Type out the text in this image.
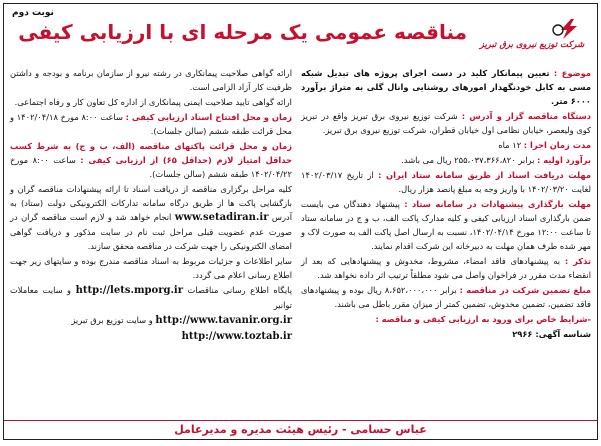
شرکت توزیع نیروی برق تبریز
نوبت دوم
مناقصه عمومی یک مرحله ای با ارزیابی کیفی

موضوع : تعیین پیمانکار کلید در دست اجرای پروژه های تبدیل شبکه مسی به کابل خودنگهدار امورهای روشنایی وانال گلی به متراژ برآورد ۶۰۰۰ متر.

دستگاه مناقصه گزار و آدرس : شرکت توزیع نیروی برق تبریز واقع در تبریز کوی ولیعصر، خیابان نظامی اول خیابان قطران، شرکت توزیع نیروی برق تبریز.

مدت زمان اجرا : ۱۲ ماه

برآورد اولیه : برابر ۲۵۵،۰۳۷،۳۶۶،۸۲۰ ریال می باشد.

مهلت دریافت اسناد از طریق سامانه ستاد ایران : از تاریخ ۱۴۰۲/۰۳/۱۷ لغایت ۱۴۰۲/۰۳/۲۰ با واریز وجه به مبلغ پانصد هزار ریال.

مهلت بارگذاری پیشنهادات در سامانه ستاد : پیشنهاد دهندگان می بایست ضمن بارگذاری اسناد ارزیابی کیفی و کلیه مدارک پاکت الف، ب و ج در سامانه ستاد تا ساعت ۱۲:۰۰ مورخ ۱۴۰۲/۰۴/۱۴، نسبت به ارسال اصل پاکت الف به صورت لاک و مهر شده طرف همان مهلت به دبیرخانه این شرکت اقدام نمایند.

تذکر : به پیشنهادهای فاقد امضاء، مشروط، مخدوش و پیشنهادهایی که بعد از انقضاء مدت مقرر در فراخوان واصل می شود مطلقاً ترتیب اثر داده نخواهد شد.

مبلغ تضمین شرکت در مناقصه : برابر ۸،۶۵۲،۰۰۰،۰۰۰ ریال بوده و پیشنهادهای فاقد تضمین، تضمین مخدوش، تضمین کمتر از میزان مقرر باطل می باشند.

-شرایط خاص برای ورود به ارزیابی کیفی و مناقصه :

شناسه آگهی: ۲۹۶۶

ارائه گواهی صلاحیت پیمانکاری در رشته نیرو از سازمان برنامه و بودجه و داشتن ظرفیت کار آزاد الزامی است.

ارائه گواهی تایید صلاحیت ایمنی پیمانکاری از اداره کل تعاون کار و رفاه اجتماعی.

زمان و محل افتتاح اسناد ارزیابی کیفی : ساعت ۸:۰۰ مورخ ۱۴۰۲/۰۴/۱۸ و محل قرائت طبقه ششم (سالن جلسات).

زمان و محل قرائت پاکتهای مناقصه (الف، ب و ج) به شرط کسب حداقل امتیاز لازم (حداقل ۶۵) از ارزیابی کیفی : ساعت ۸:۰۰ مورخ ۱۴۰۲/۰۴/۲۲ طبقه ششم (سالن جلسات).

کلیه مراحل برگزاری مناقصه از دریافت اسناد تا ارائه پیشنهادات مناقصه گران و بازگشایی پاکت ها از طریق درگاه سامانه تدارکات الکترونیکی دولت (ستاد) به آدرس www.setadiran.ir انجام خواهد شد و لازم است مناقصه گران در صورت عدم عضویت قبلی مراحل ثبت نام در سایت مذکور و دریافت گواهی امضای الکترونیکی را جهت شرکت در مناقصه محقق سازند.

سایر اطلاعات و جزئیات مربوط به اسناد مناقصه مندرج بوده و سایتهای زیر جهت اطلاع رسانی اعلام می گردد.

پایگاه اطلاع رسانی مناقصات http://lets.mporg.ir و سایت معاملات توانیر

http://www.tavanir.org.ir و سایت توزیع برق تبریز

http://www.toztab.ir

عباس حسامی - رئیس هیئت مدیره و مدیرعامل
